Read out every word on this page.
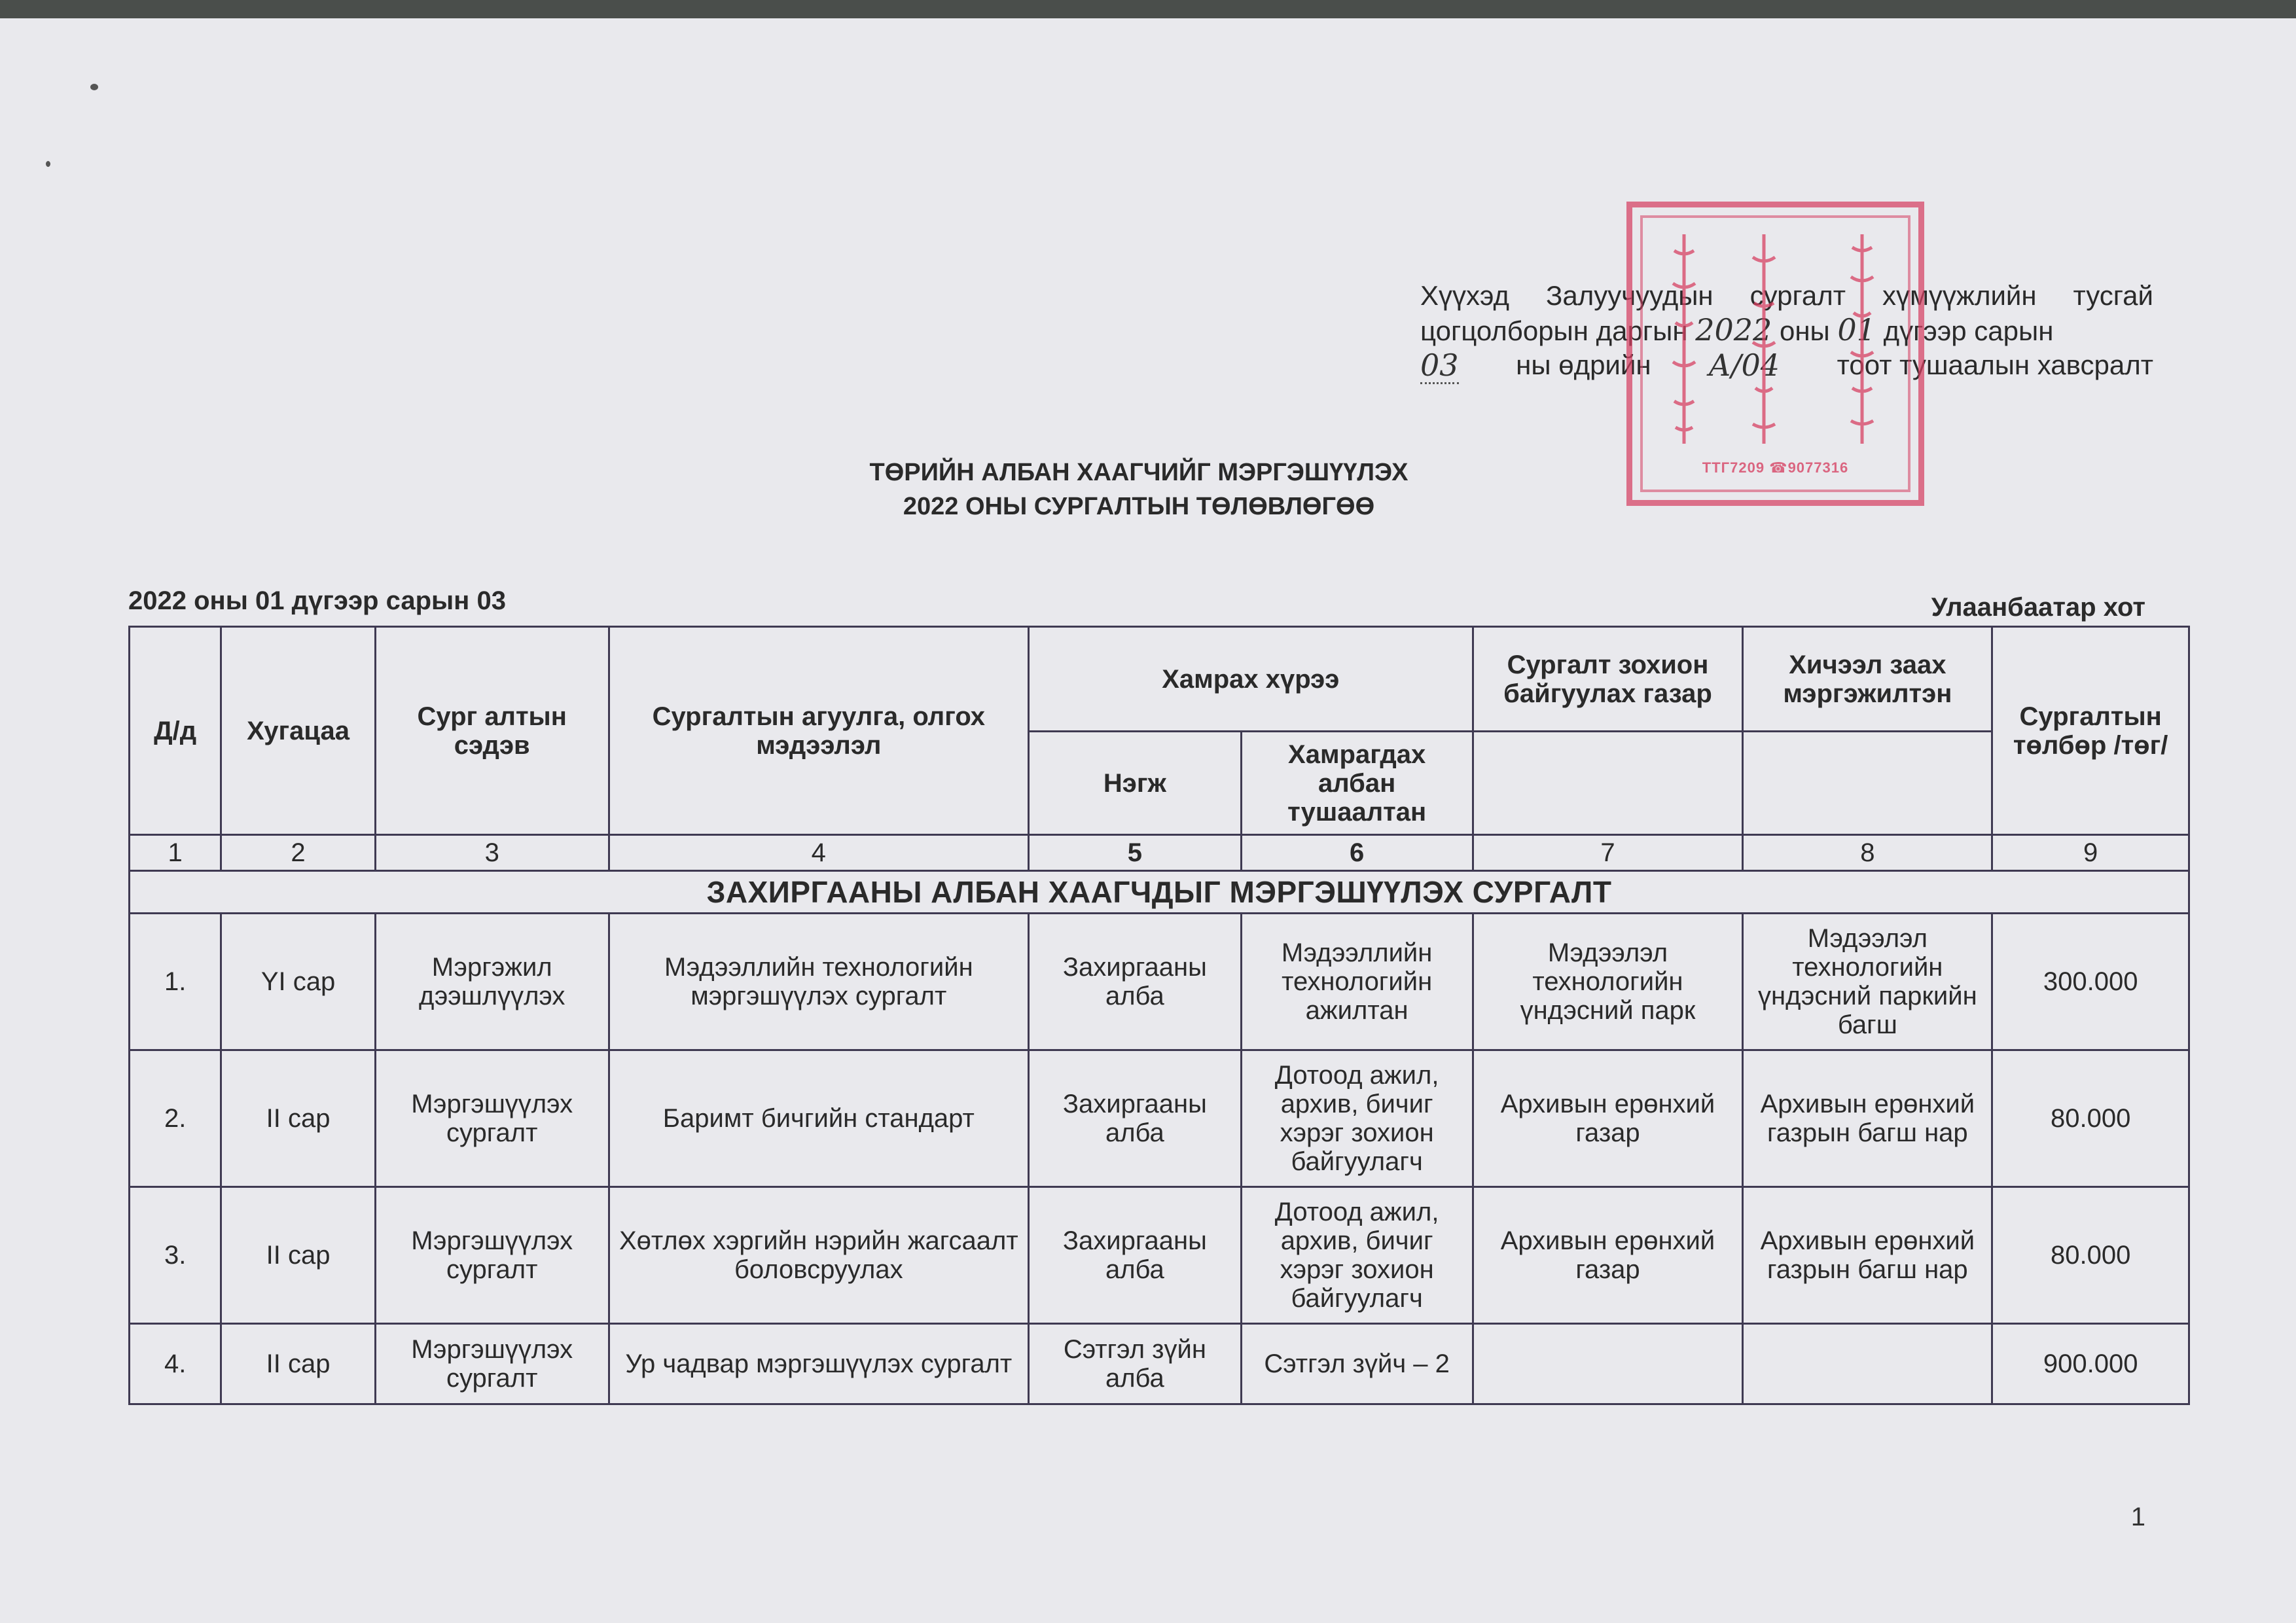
Хүүхэд Залуучуудын сургалт хүмүүжлийн тусгай цогцолборын даргын 2022 оны 01 дүгээр сарын
03 ны өдрийн А/04 тоот тушаалын хавсралт
ТТГ7209 ☎9077316
ТӨРИЙН АЛБАН ХААГЧИЙГ МЭРГЭШҮҮЛЭХ
2022 ОНЫ СУРГАЛТЫН ТӨЛӨВЛӨГӨӨ
2022 оны 01 дүгээр сарын 03	Улаанбаатар хот
Д/д	Хугацаа	Сург алтын сэдэв	Сургалтын агуулга, олгох мэдээлэл	Хамрах хүрээ		Сургалт зохион байгуулах газар	Хичээл заах мэргэжилтэн	Сургалтын төлбөр /төг/
				Нэгж	Хамрагдах албан тушаалтан			
1	2	3	4	5	6	7	8	9
ЗАХИРГААНЫ АЛБАН ХААГЧДЫГ МЭРГЭШҮҮЛЭХ СУРГАЛТ								
1.	YI сар	Мэргэжил дээшлүүлэх	Мэдээллийн технологийн мэргэшүүлэх сургалт	Захиргааны алба	Мэдээллийн технологийн ажилтан	Мэдээлэл технологийн үндэсний парк	Мэдээлэл технологийн үндэсний паркийн багш	300.000
2.	II сар	Мэргэшүүлэх сургалт	Баримт бичгийн стандарт	Захиргааны алба	Дотоод ажил, архив, бичиг хэрэг зохион байгуулагч	Архивын ерөнхий газар	Архивын ерөнхий газрын багш нар	80.000
3.	II сар	Мэргэшүүлэх сургалт	Хөтлөх хэргийн нэрийн жагсаалт боловсруулах	Захиргааны алба	Дотоод ажил, архив, бичиг хэрэг зохион байгуулагч	Архивын ерөнхий газар	Архивын ерөнхий газрын багш нар	80.000
4.	II сар	Мэргэшүүлэх сургалт	Ур чадвар мэргэшүүлэх сургалт	Сэтгэл зүйн алба	Сэтгэл зүйч – 2			900.000
1
